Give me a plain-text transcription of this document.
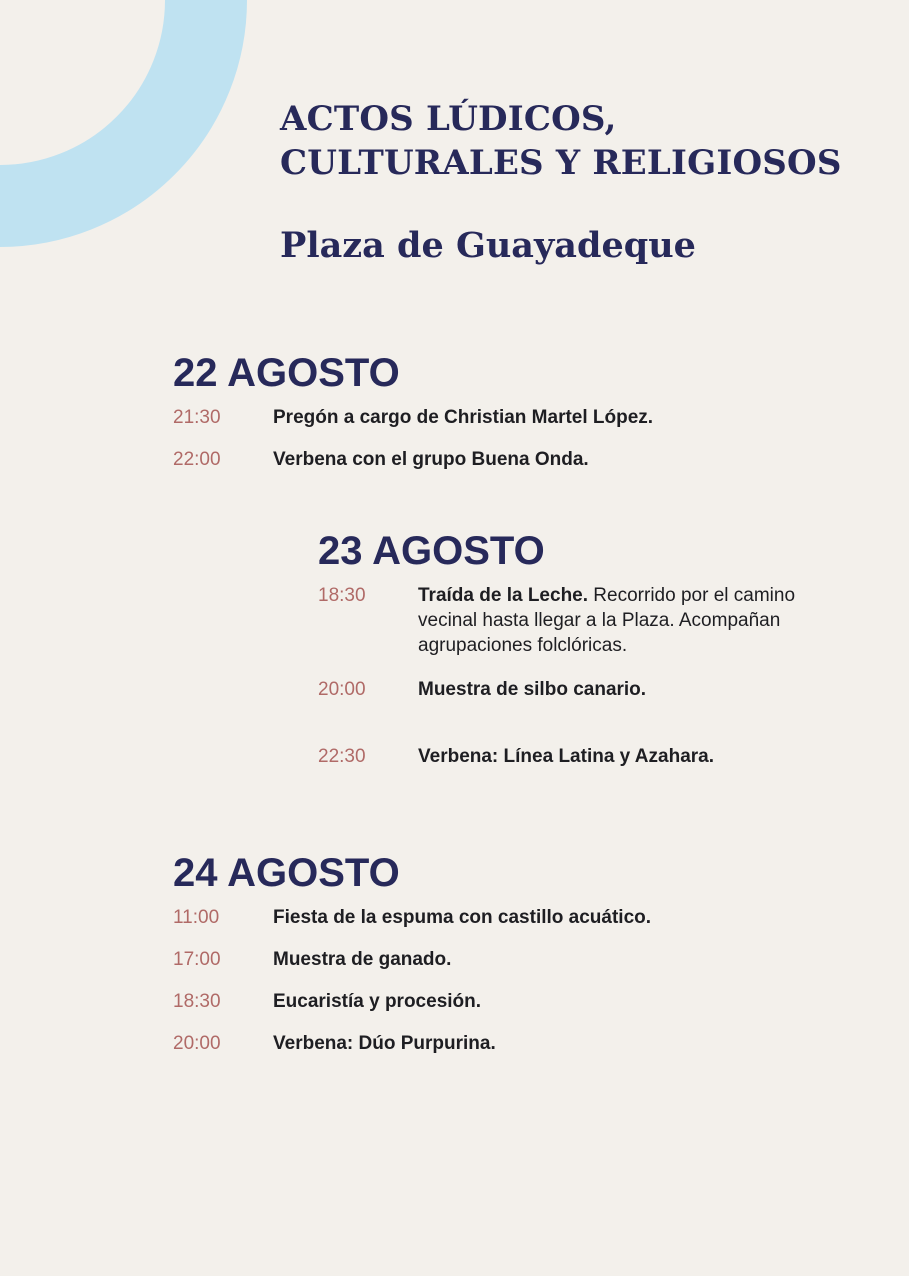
ACTOS LÚDICOS,
CULTURALES Y RELIGIOSOS
Plaza de Guayadeque
22 AGOSTO
21:30	Pregón a cargo de Christian Martel López.
22:00	Verbena con el grupo Buena Onda.
23 AGOSTO
18:30	Traída de la Leche. Recorrido por el camino vecinal hasta llegar a la Plaza. Acompañan agrupaciones folclóricas.
20:00	Muestra de silbo canario.
22:30	Verbena: Línea Latina y Azahara.
24 AGOSTO
11:00	Fiesta de la espuma con castillo acuático.
17:00	Muestra de ganado.
18:30	Eucaristía y procesión.
20:00	Verbena: Dúo Purpurina.
